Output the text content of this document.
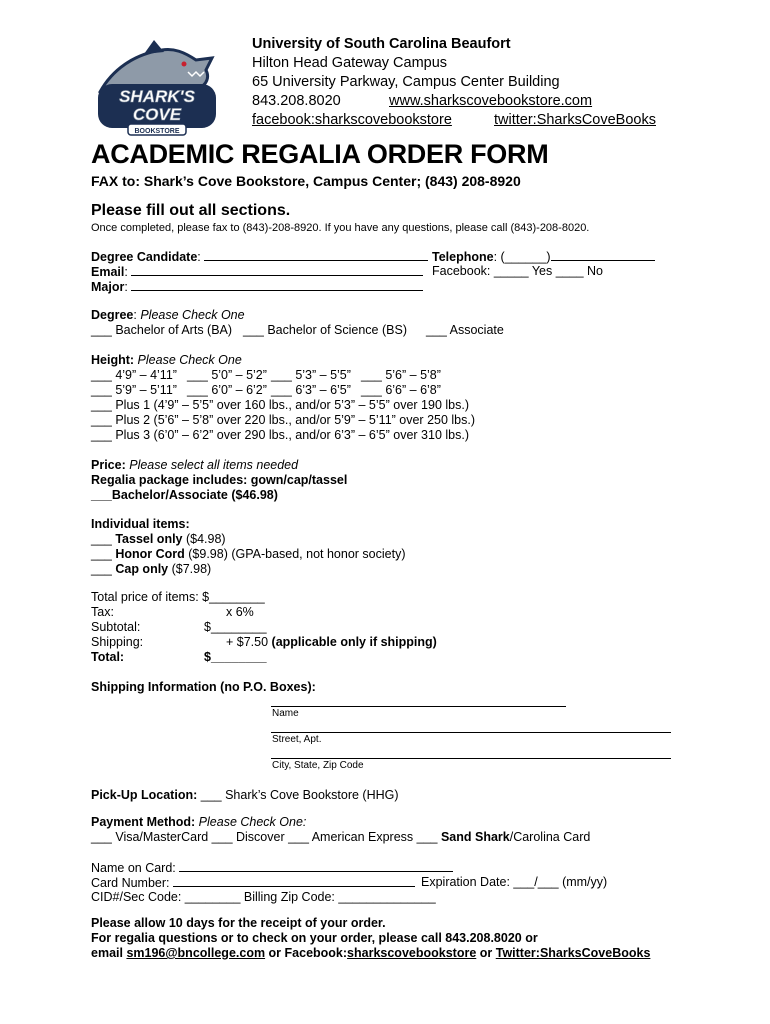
SHARK'S
COVE
BOOKSTORE
University of South Carolina Beaufort
Hilton Head Gateway Campus
65 University Parkway, Campus Center Building
843.208.8020	www.sharkscovebookstore.com
facebook:sharkscovebookstore	twitter:SharksCoveBooks
ACADEMIC REGALIA ORDER FORM
FAX to: Shark’s Cove Bookstore, Campus Center; (843) 208-8920
Please fill out all sections.
Once completed, please fax to (843)-208-8920. If you have any questions, please call (843)-208-8020.
Degree Candidate:	Telephone: (______)
Email:	Facebook: _____ Yes ____ No
Major:
Degree: Please Check One
___ Bachelor of Arts (BA) ___ Bachelor of Science (BS) ___ Associate
Height: Please Check One
___ 4’9” – 4’11” ___ 5’0” – 5’2” ___ 5’3” – 5’5” ___ 5’6” – 5’8”
___ 5’9” – 5’11” ___ 6’0” – 6’2” ___ 6’3” – 6’5” ___ 6’6” – 6’8”
___ Plus 1 (4’9” – 5’5” over 160 lbs., and/or 5’3” – 5’5” over 190 lbs.)
___ Plus 2 (5’6” – 5’8” over 220 lbs., and/or 5’9” – 5’11” over 250 lbs.)
___ Plus 3 (6’0” – 6’2” over 290 lbs., and/or 6’3” – 6’5” over 310 lbs.)
Price: Please select all items needed
Regalia package includes: gown/cap/tassel
___Bachelor/Associate ($46.98)
Individual items:
___ Tassel only ($4.98)
___ Honor Cord ($9.98) (GPA-based, not honor society)
___ Cap only ($7.98)
Total price of items: $________
Tax:	x 6%
Subtotal:	$________
Shipping:	+ $7.50 (applicable only if shipping)
Total:	$________
Shipping Information (no P.O. Boxes):
Name
Street, Apt.
City, State, Zip Code
Pick-Up Location: ___ Shark’s Cove Bookstore (HHG)
Payment Method: Please Check One:
___ Visa/MasterCard ___ Discover ___ American Express ___ Sand Shark/Carolina Card
Name on Card:
Card Number:	Expiration Date: ___/___ (mm/yy)
CID#/Sec Code: ________ Billing Zip Code: ______________
Please allow 10 days for the receipt of your order.
For regalia questions or to check on your order, please call 843.208.8020 or
email sm196@bncollege.com or Facebook:sharkscovebookstore or Twitter:SharksCoveBooks
